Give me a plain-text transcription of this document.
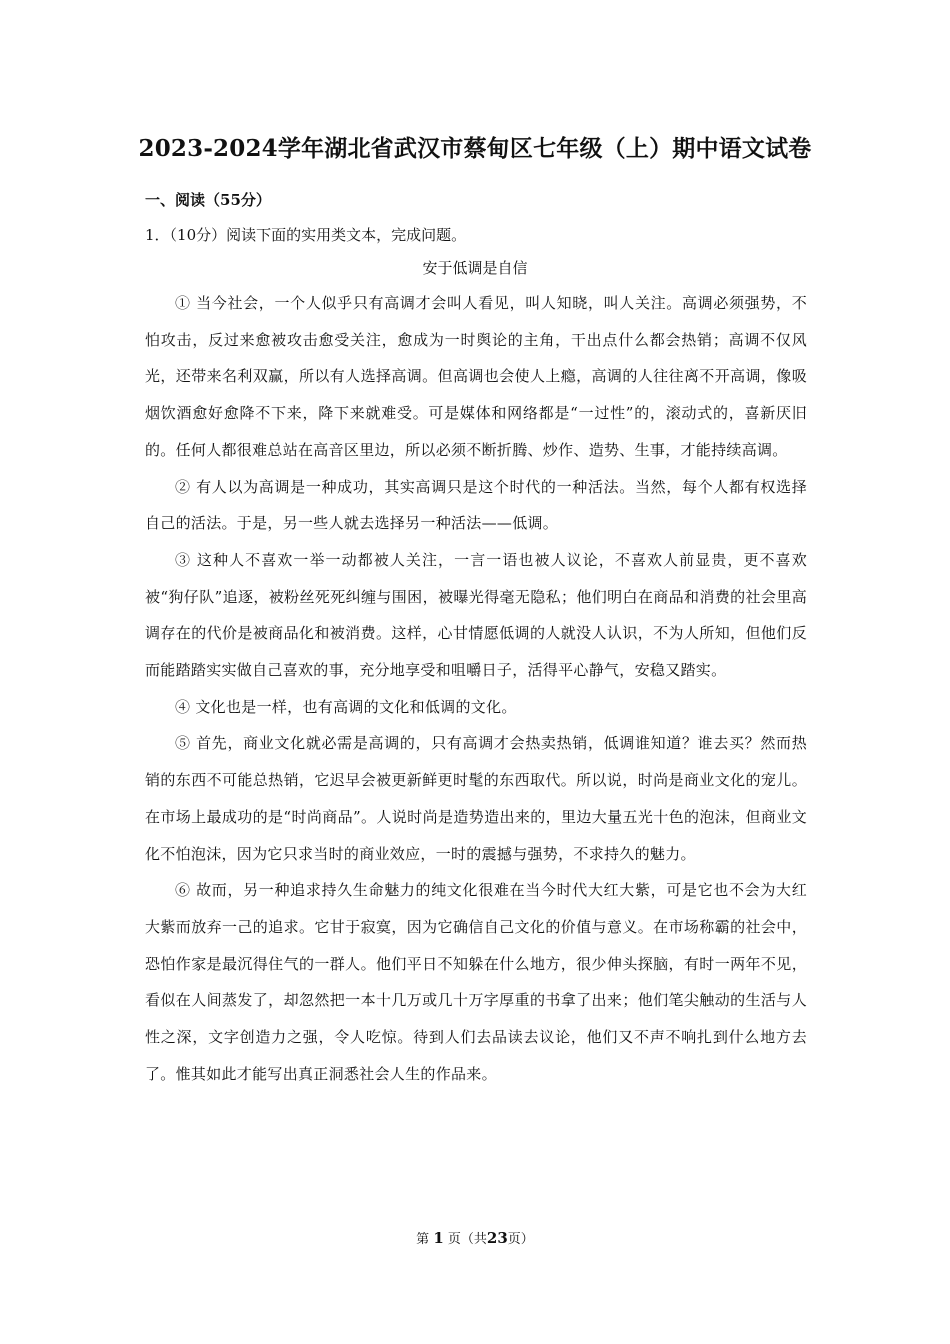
2023-2024学年湖北省武汉市蔡甸区七年级（上）期中语文试卷
一、阅读（55分）
1．（10分）阅读下面的实用类文本，完成问题。
安于低调是自信

① 当今社会，一个人似乎只有高调才会叫人看见，叫人知晓，叫人关注。高调必须强势，不怕攻击，反过来愈被攻击愈受关注，愈成为一时舆论的主角，干出点什么都会热销；高调不仅风光，还带来名利双赢，所以有人选择高调。但高调也会使人上瘾，高调的人往往离不开高调，像吸烟饮酒愈好愈降不下来，降下来就难受。可是媒体和网络都是“一过性”的，滚动式的，喜新厌旧的。任何人都很难总站在高音区里边，所以必须不断折腾、炒作、造势、生事，才能持续高调。

② 有人以为高调是一种成功，其实高调只是这个时代的一种活法。当然，每个人都有权选择自己的活法。于是，另一些人就去选择另一种活法——低调。

③ 这种人不喜欢一举一动都被人关注，一言一语也被人议论，不喜欢人前显贵，更不喜欢被“狗仔队”追逐，被粉丝死死纠缠与围困，被曝光得毫无隐私；他们明白在商品和消费的社会里高调存在的代价是被商品化和被消费。这样，心甘情愿低调的人就没人认识，不为人所知，但他们反而能踏踏实实做自己喜欢的事，充分地享受和咀嚼日子，活得平心静气，安稳又踏实。

④ 文化也是一样，也有高调的文化和低调的文化。

⑤ 首先，商业文化就必需是高调的，只有高调才会热卖热销，低调谁知道？谁去买？然而热销的东西不可能总热销，它迟早会被更新鲜更时髦的东西取代。所以说，时尚是商业文化的宠儿。在市场上最成功的是“时尚商品”。人说时尚是造势造出来的，里边大量五光十色的泡沫，但商业文化不怕泡沫，因为它只求当时的商业效应，一时的震撼与强势，不求持久的魅力。

⑥ 故而，另一种追求持久生命魅力的纯文化很难在当今时代大红大紫，可是它也不会为大红大紫而放弃一己的追求。它甘于寂寞，因为它确信自己文化的价值与意义。在市场称霸的社会中，恐怕作家是最沉得住气的一群人。他们平日不知躲在什么地方，很少伸头探脑，有时一两年不见，看似在人间蒸发了，却忽然把一本十几万或几十万字厚重的书拿了出来；他们笔尖触动的生活与人性之深，文字创造力之强，令人吃惊。待到人们去品读去议论，他们又不声不响扎到什么地方去了。惟其如此才能写出真正洞悉社会人生的作品来。

第 1 页（共23页）
